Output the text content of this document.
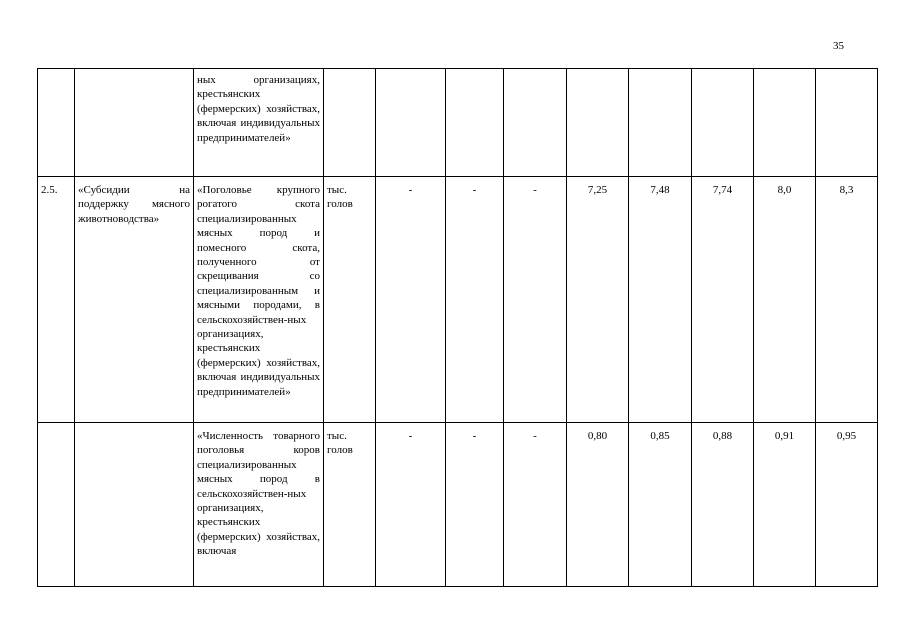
35
		ных организациях, крестьянских (фермерских) хозяйствах, включая индивидуальных предпринимателей»									
2.5.	«Субсидии на поддержку мясного животноводства»	«Поголовье крупного рогатого скота специализированных мясных пород и помесного скота, полученного от скрещивания со специализированным и мясными породами, в сельскохозяйствен-ных организациях, крестьянских (фермерских) хозяйствах, включая индивидуальных предпринимателей»	тыс. голов	-	-	-	7,25	7,48	7,74	8,0	8,3
		«Численность товарного поголовья коров специализированных мясных пород в сельскохозяйствен-ных организациях, крестьянских (фермерских) хозяйствах, включая	тыс. голов	-	-	-	0,80	0,85	0,88	0,91	0,95
